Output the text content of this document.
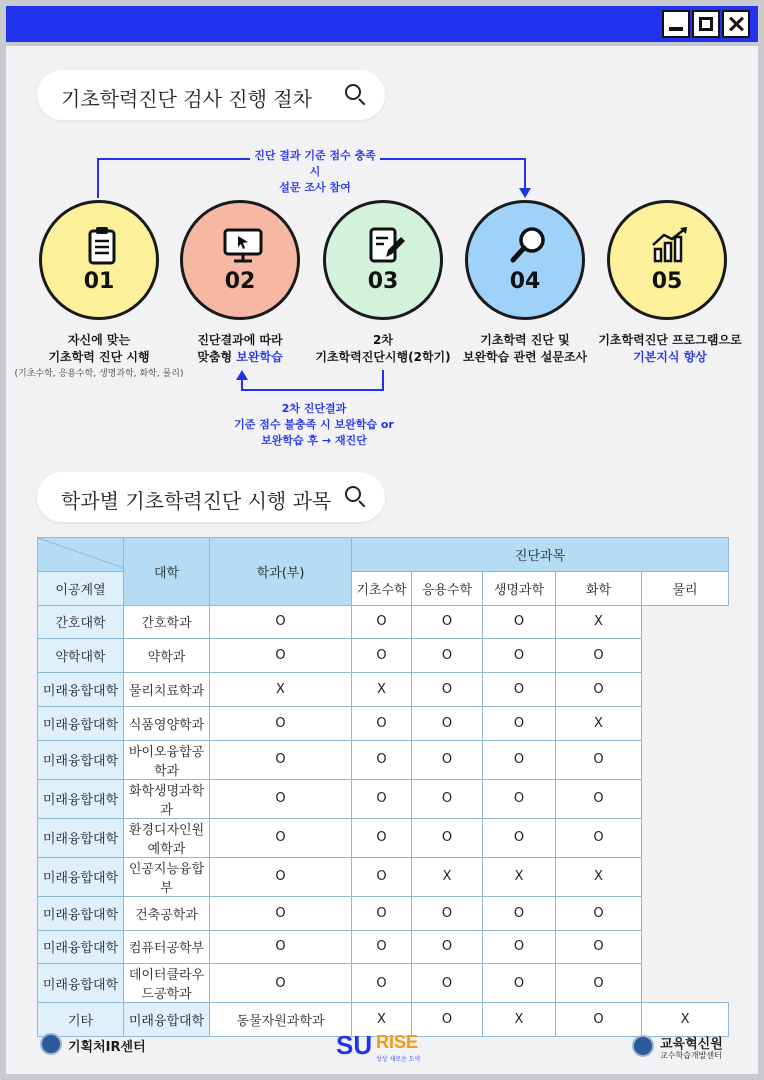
기초학력진단 검사 진행 절차
진단 결과 기준 점수 충족 시
설문 조사 참여
01	02	03	04	05
자신에 맞는
기초학력 진단 시행
(기초수학, 응용수학, 생명과학, 화학, 물리)
진단결과에 따라
맞춤형 보완학습
2차
기초학력진단시행(2학기)
기초학력 진단 및
보완학습 관련 설문조사
기초학력진단 프로그램으로
기본지식 향상
2차 진단결과
기준 점수 불충족 시 보완학습 or
보완학습 후 → 재진단
학과별 기초학력진단 시행 과목
	대학	학과(부)	진단과목				
이공계열			기초수학	응용수학	생명과학	화학	물리
간호대학	간호학과	O	O	O	O	X	
약학대학	약학과	O	O	O	O	O	
미래융합대학	물리치료학과	X	X	O	O	O	
미래융합대학	식품영양학과	O	O	O	O	X	
미래융합대학	바이오융합공학과	O	O	O	O	O	
미래융합대학	화학생명과학과	O	O	O	O	O	
미래융합대학	환경디자인원예학과	O	O	O	O	O	
미래융합대학	인공지능융합부	O	O	X	X	X	
미래융합대학	건축공학과	O	O	O	O	O	
미래융합대학	컴퓨터공학부	O	O	O	O	O	
미래융합대학	데이터클라우드공학과	O	O	O	O	O	
기타	미래융합대학	동물자원과학과	X	O	X	O	X
기획처IR센터	SU RISE
상상 새로운 도약
교육혁신원
교수학습개발센터
